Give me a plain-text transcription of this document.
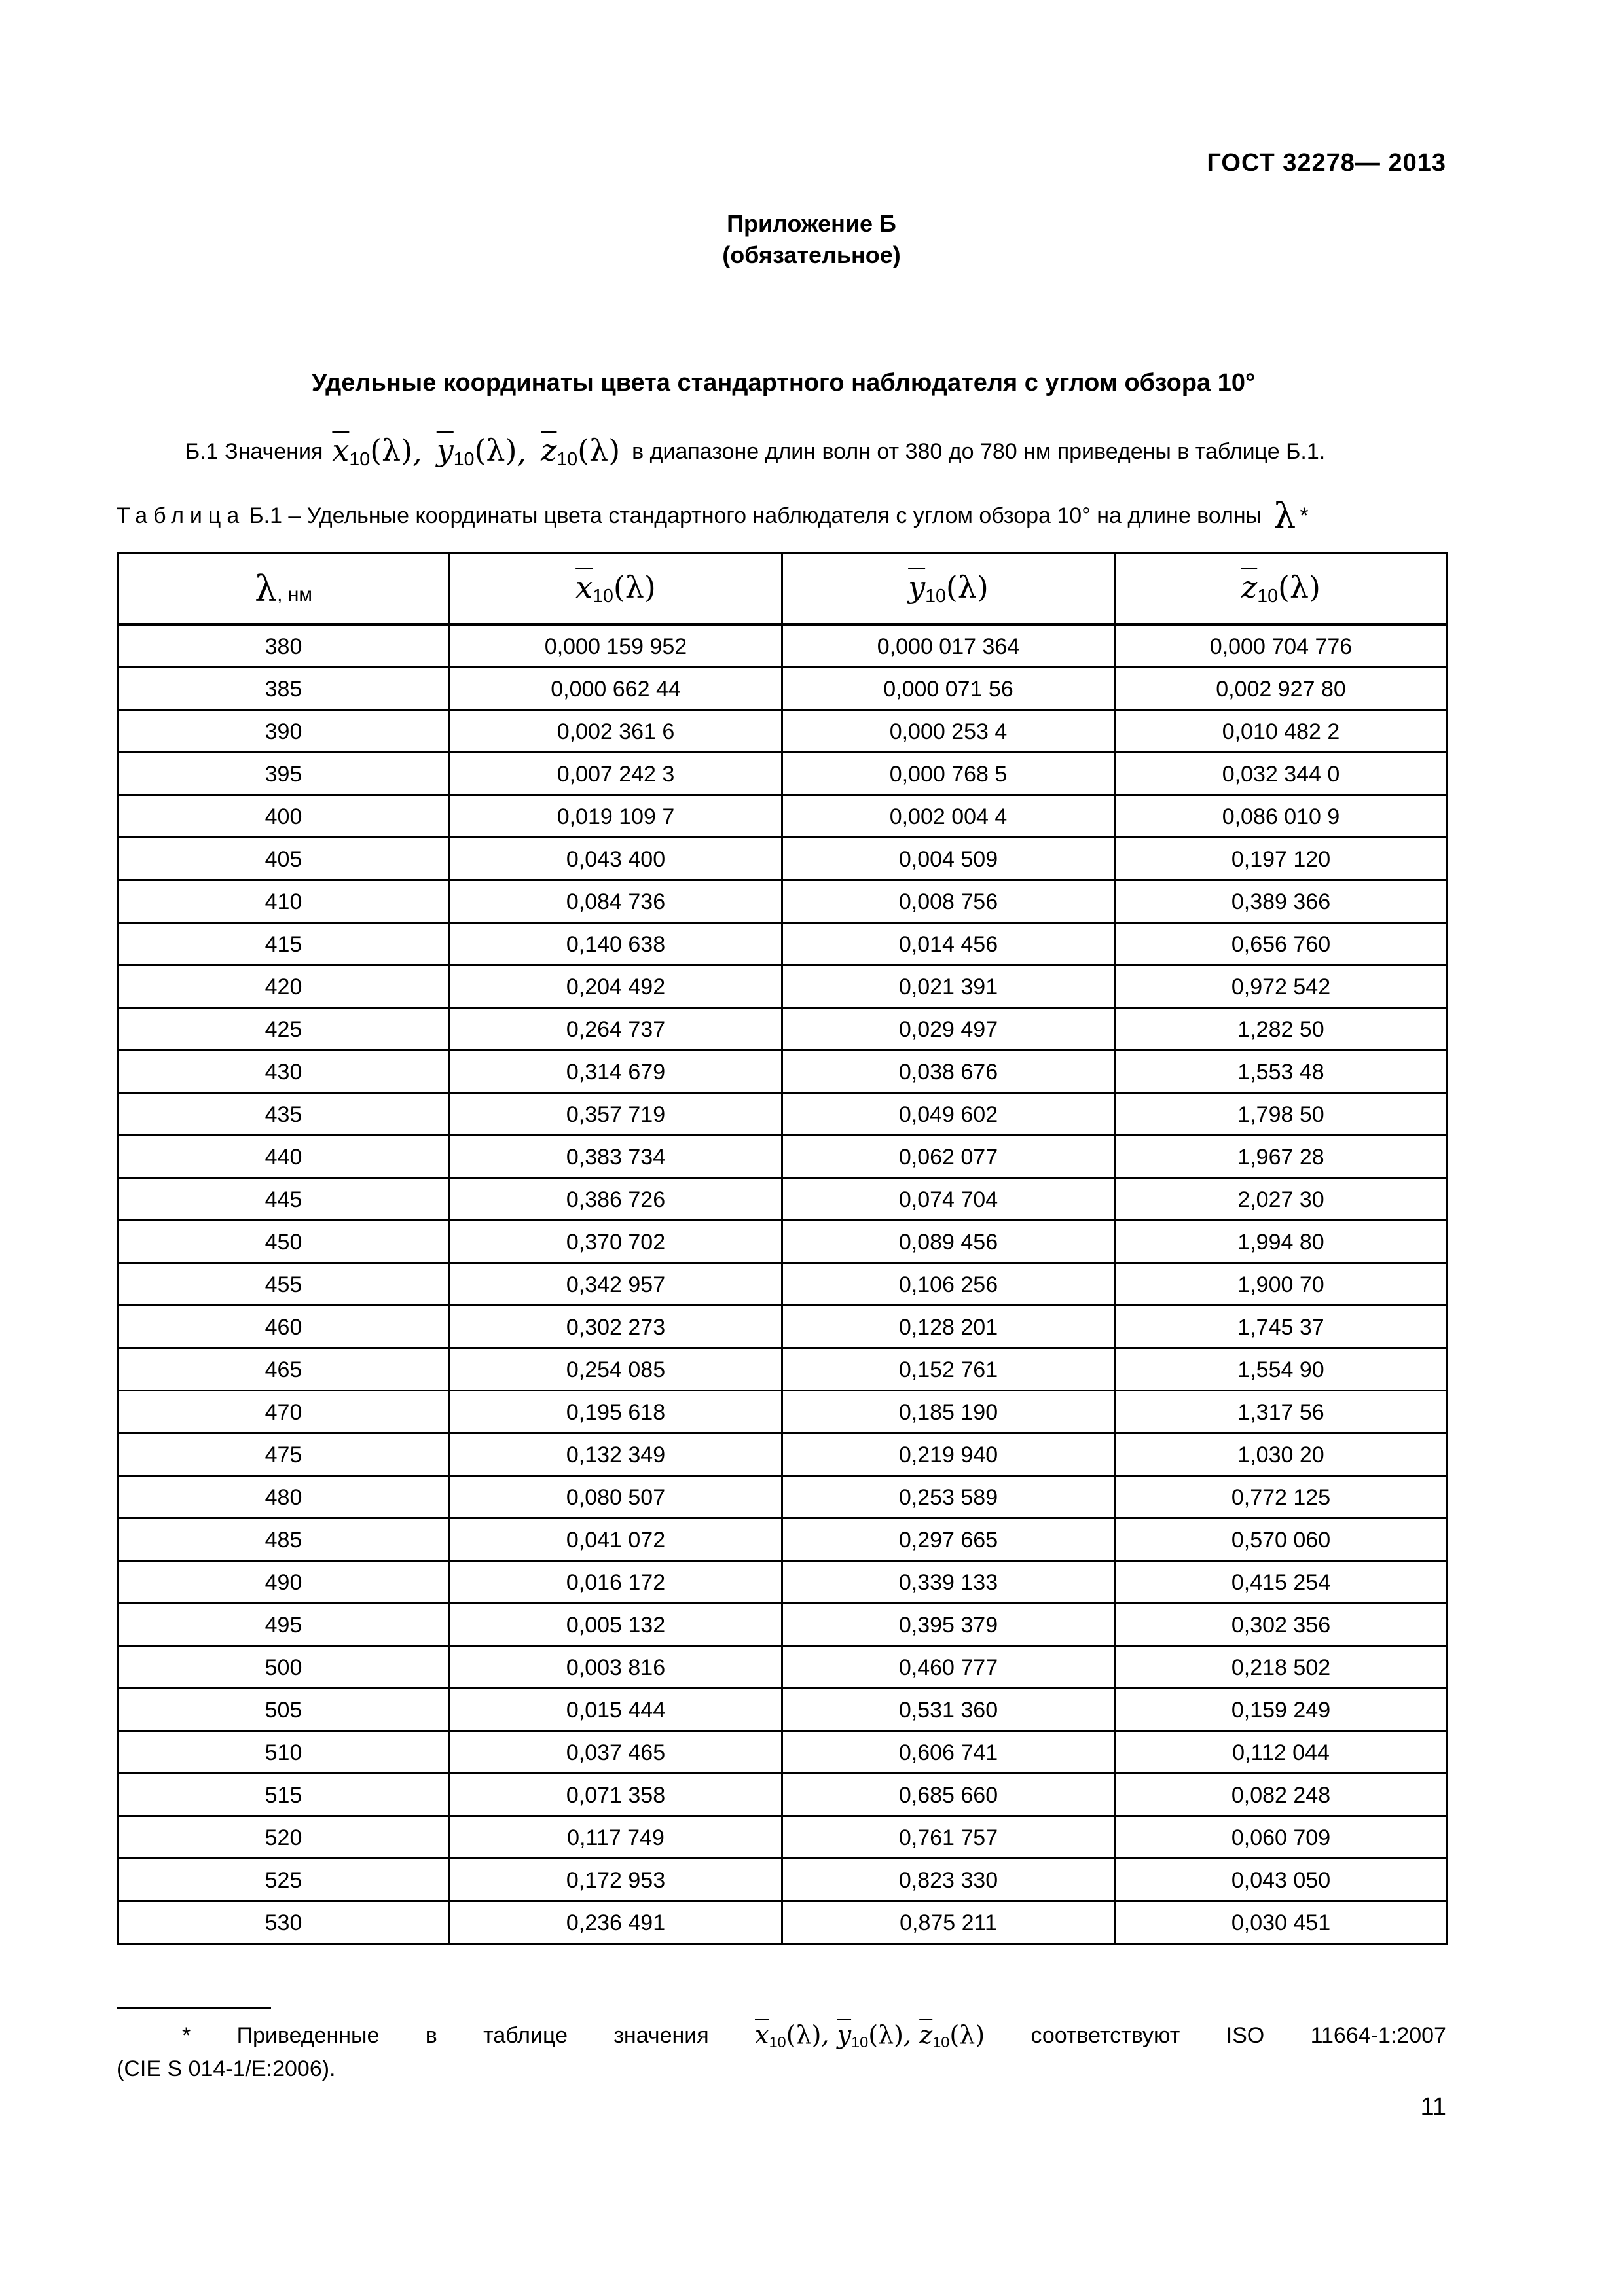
ГОСТ 32278— 2013
Приложение Б
(обязательное)
Удельные координаты цвета стандартного наблюдателя с углом обзора 10°
Б.1 Значения $\overline{x}10(\lambda)$ , $\overline{y}10(\lambda)$ , $\overline{z}10(\lambda)$ в диапазоне длин волн от 380 до 780 нм приведены в таблице Б.1.
Таблица Б.1 – Удельные координаты цвета стандартного наблюдателя с углом обзора 10° на длине волны λ *
λ, нм	$\overline{x}10(\lambda)$	$\overline{y}10(\lambda)$	$\overline{z}10(\lambda)$
380	0,000 159 952	0,000 017 364	0,000 704 776
385	0,000 662 44	0,000 071 56	0,002 927 80
390	0,002 361 6	0,000 253 4	0,010 482 2
395	0,007 242 3	0,000 768 5	0,032 344 0
400	0,019 109 7	0,002 004 4	0,086 010 9
405	0,043 400	0,004 509	0,197 120
410	0,084 736	0,008 756	0,389 366
415	0,140 638	0,014 456	0,656 760
420	0,204 492	0,021 391	0,972 542
425	0,264 737	0,029 497	1,282 50
430	0,314 679	0,038 676	1,553 48
435	0,357 719	0,049 602	1,798 50
440	0,383 734	0,062 077	1,967 28
445	0,386 726	0,074 704	2,027 30
450	0,370 702	0,089 456	1,994 80
455	0,342 957	0,106 256	1,900 70
460	0,302 273	0,128 201	1,745 37
465	0,254 085	0,152 761	1,554 90
470	0,195 618	0,185 190	1,317 56
475	0,132 349	0,219 940	1,030 20
480	0,080 507	0,253 589	0,772 125
485	0,041 072	0,297 665	0,570 060
490	0,016 172	0,339 133	0,415 254
495	0,005 132	0,395 379	0,302 356
500	0,003 816	0,460 777	0,218 502
505	0,015 444	0,531 360	0,159 249
510	0,037 465	0,606 741	0,112 044
515	0,071 358	0,685 660	0,082 248
520	0,117 749	0,761 757	0,060 709
525	0,172 953	0,823 330	0,043 050
530	0,236 491	0,875 211	0,030 451
* Приведенные в таблице значения $\overline{x}10(\lambda)$, $\overline{y}10(\lambda)$, $\overline{z}10(\lambda)$ соответствуют ISO 11664-1:2007
(CIE S 014-1/E:2006).
11
